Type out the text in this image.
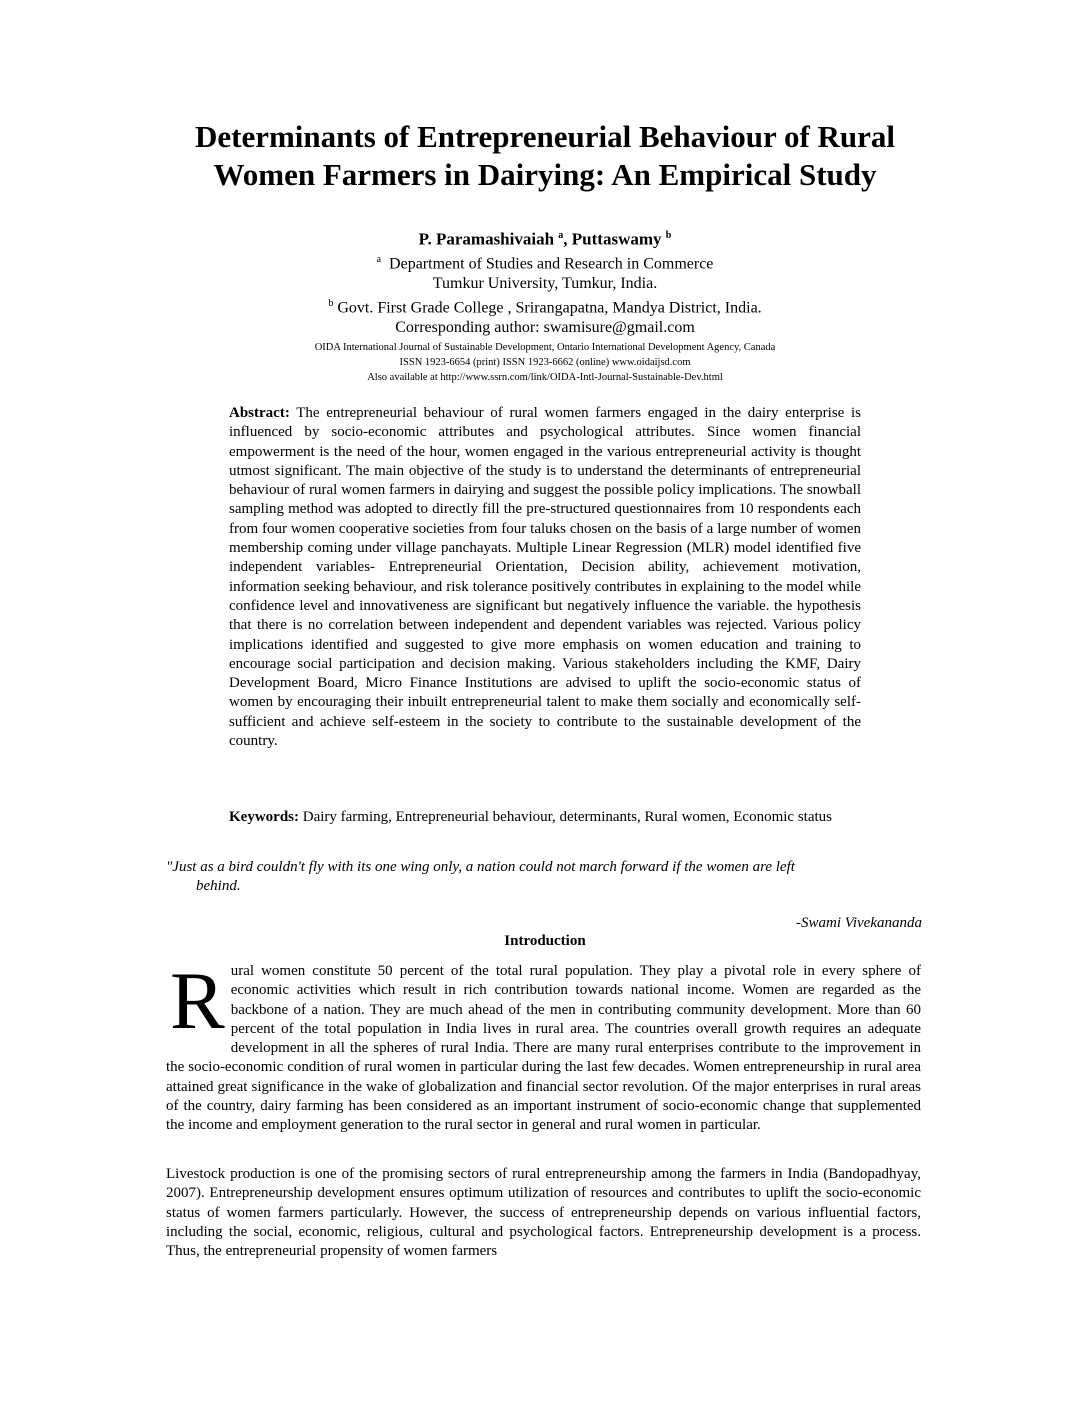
Determinants of Entrepreneurial Behaviour of Rural
Women Farmers in Dairying: An Empirical Study
P. Paramashivaiah $^a$, Puttaswamy $^b$
$^a$ Department of Studies and Research in Commerce
Tumkur University, Tumkur, India.
$^b$ Govt. First Grade College , Srirangapatna, Mandya District, India.
Corresponding author: swamisure@gmail.com
OIDA International Journal of Sustainable Development, Ontario International Development Agency, Canada
ISSN 1923-6654 (print) ISSN 1923-6662 (online) www.oidaijsd.com
Also available at http://www.ssrn.com/link/OIDA-Intl-Journal-Sustainable-Dev.html
Abstract: The entrepreneurial behaviour of rural women farmers engaged in the dairy enterprise is influenced by socio-economic attributes and psychological attributes. Since women financial empowerment is the need of the hour, women engaged in the various entrepreneurial activity is thought utmost significant. The main objective of the study is to understand the determinants of entrepreneurial behaviour of rural women farmers in dairying and suggest the possible policy implications. The snowball sampling method was adopted to directly fill the pre-structured questionnaires from 10 respondents each from four women cooperative societies from four taluks chosen on the basis of a large number of women membership coming under village panchayats. Multiple Linear Regression (MLR) model identified five independent variables- Entrepreneurial Orientation, Decision ability, achievement motivation, information seeking behaviour, and risk tolerance positively contributes in explaining to the model while confidence level and innovativeness are significant but negatively influence the variable. the hypothesis that there is no correlation between independent and dependent variables was rejected. Various policy implications identified and suggested to give more emphasis on women education and training to encourage social participation and decision making. Various stakeholders including the KMF, Dairy Development Board, Micro Finance Institutions are advised to uplift the socio-economic status of women by encouraging their inbuilt entrepreneurial talent to make them socially and economically self-sufficient and achieve self-esteem in the society to contribute to the sustainable development of the country.
Keywords: Dairy farming, Entrepreneurial behaviour, determinants, Rural women, Economic status
"Just as a bird couldn't fly with its one wing only, a nation could not march forward if the women are left
behind.
-Swami Vivekananda
Introduction
Rural women constitute 50 percent of the total rural population. They play a pivotal role in every sphere of economic activities which result in rich contribution towards national income. Women are regarded as the backbone of a nation. They are much ahead of the men in contributing community development. More than 60 percent of the total population in India lives in rural area. The countries overall growth requires an adequate development in all the spheres of rural India. There are many rural enterprises contribute to the improvement in the socio-economic condition of rural women in particular during the last few decades. Women entrepreneurship in rural area attained great significance in the wake of globalization and financial sector revolution. Of the major enterprises in rural areas of the country, dairy farming has been considered as an important instrument of socio-economic change that supplemented the income and employment generation to the rural sector in general and rural women in particular.
Livestock production is one of the promising sectors of rural entrepreneurship among the farmers in India (Bandopadhyay, 2007). Entrepreneurship development ensures optimum utilization of resources and contributes to uplift the socio-economic status of women farmers particularly. However, the success of entrepreneurship depends on various influential factors, including the social, economic, religious, cultural and psychological factors. Entrepreneurship development is a process. Thus, the entrepreneurial propensity of women farmers
